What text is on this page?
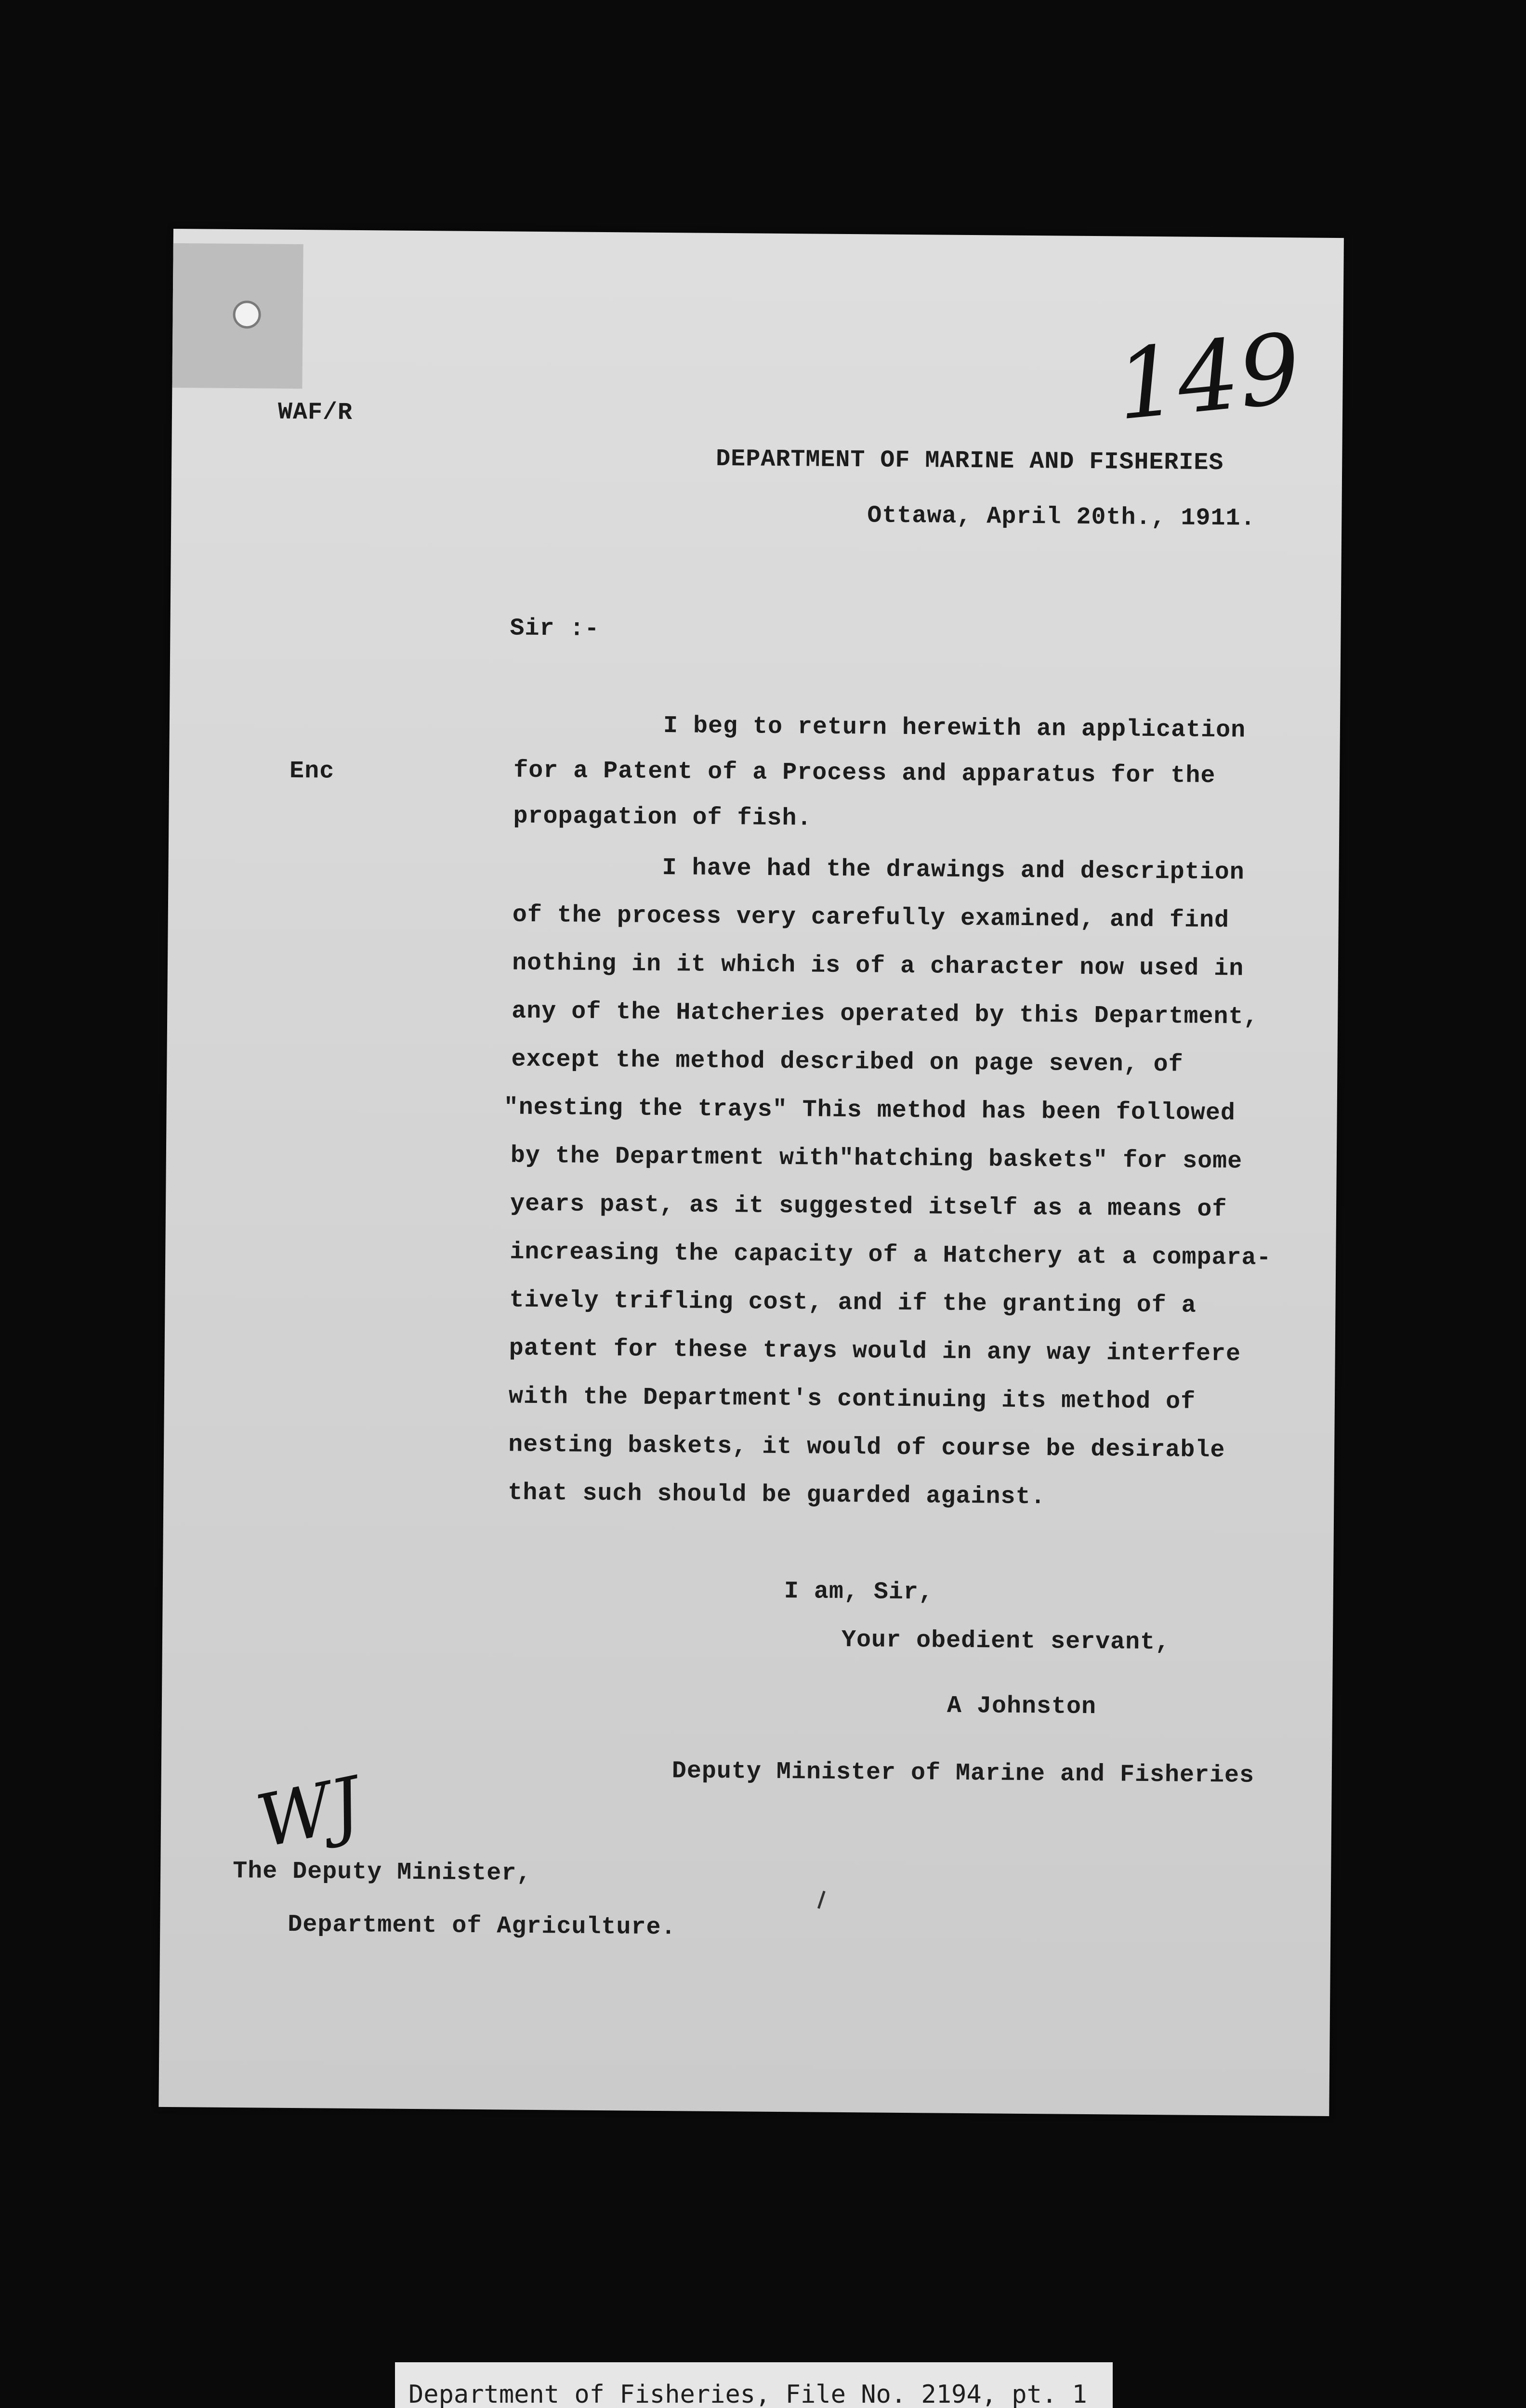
149
WAF/R
DEPARTMENT OF MARINE AND FISHERIES
Ottawa, April 20th., 1911.
Sir :-
Enc
I beg to return herewith an application
for a Patent of a Process and apparatus for the
propagation of fish.
I have had the drawings and description
of the process very carefully examined, and find
nothing in it which is of a character now used in
any of the Hatcheries operated by this Department,
except the method described on page seven, of
"nesting the trays" This method has been followed
by the Department with"hatching baskets" for some
years past, as it suggested itself as a means of
increasing the capacity of a Hatchery at a compara-
tively trifling cost, and if the granting of a
patent for these trays would in any way interfere
with the Department's continuing its method of
nesting baskets, it would of course be desirable
that such should be guarded against.
I am, Sir,
Your obedient servant,
A Johnston
Deputy Minister of Marine and Fisheries
WJ
The Deputy Minister,
Department of Agriculture.
Department of Fisheries, File No. 2194, pt. 1
